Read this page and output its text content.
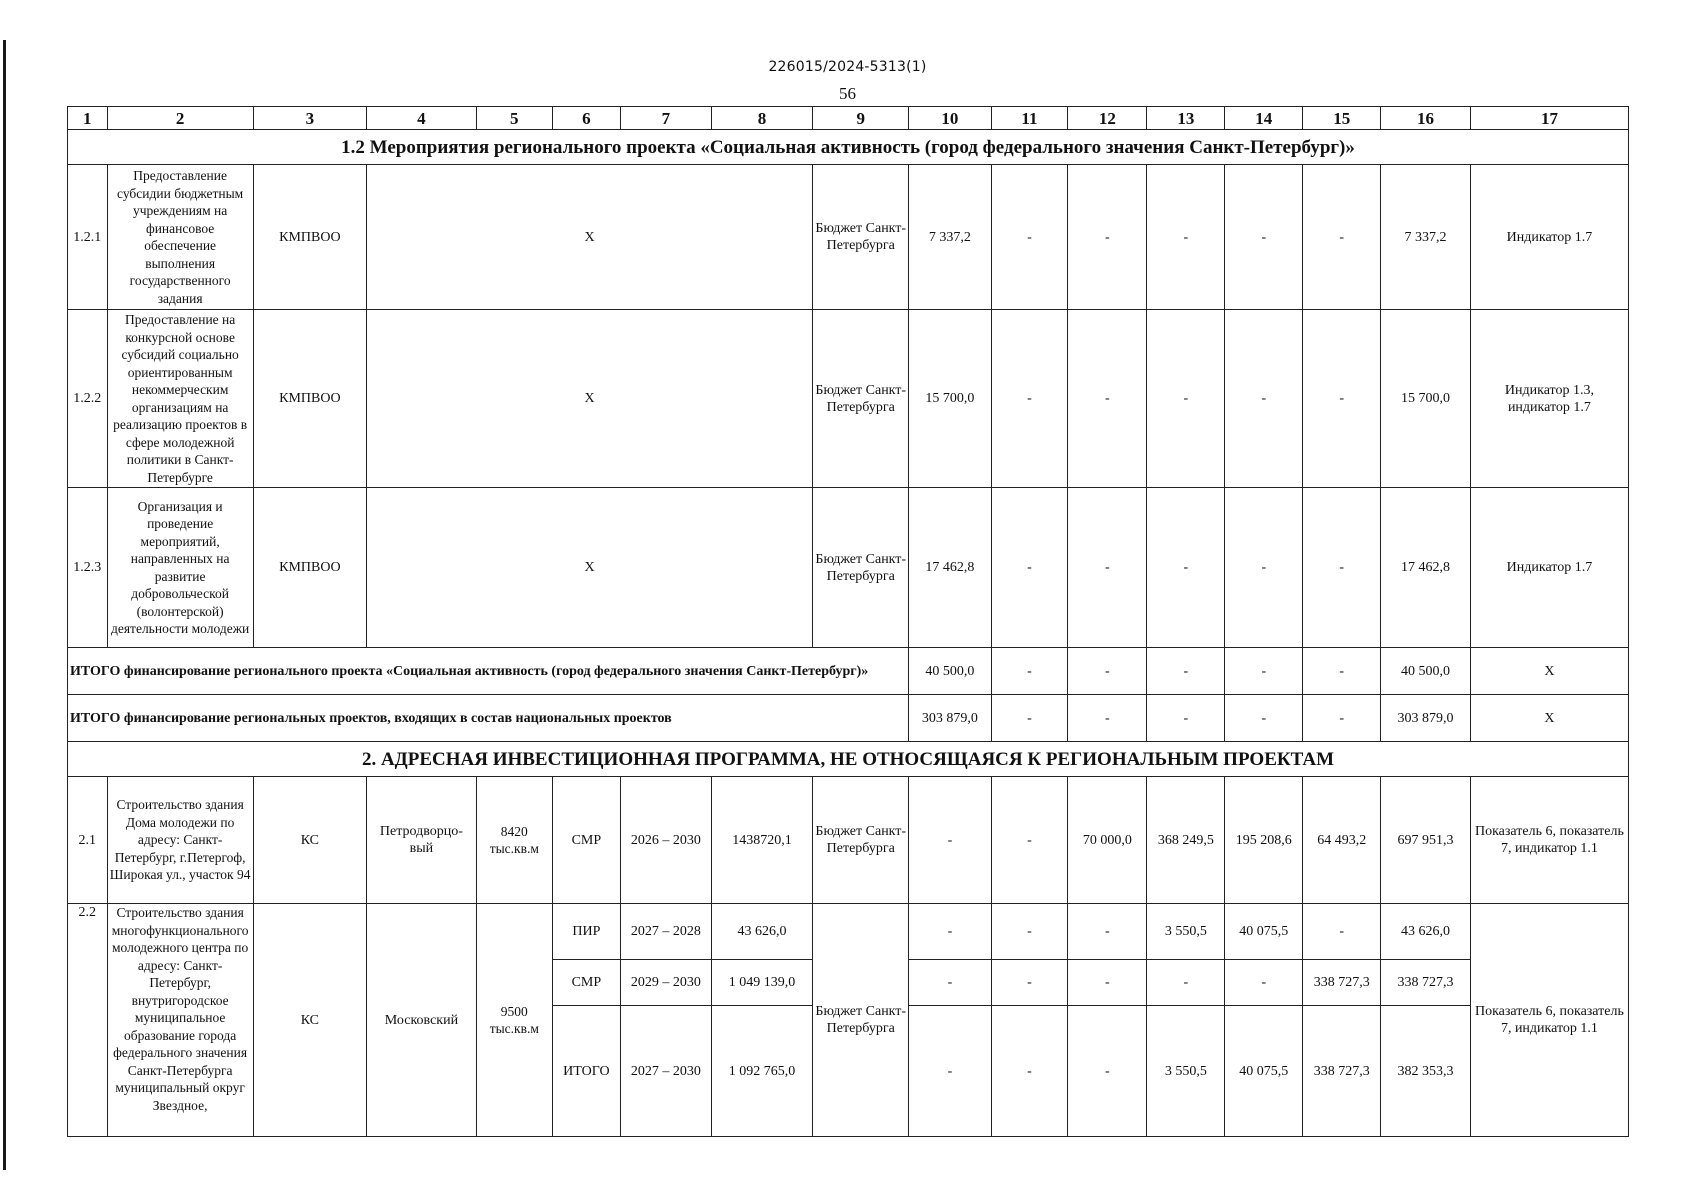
226015/2024-5313(1)
56
1	2	3	4	5	6	7	8	9	10	11	12	13	14	15	16	17
1.2 Мероприятия регионального проекта «Социальная активность (город федерального значения Санкт-Петербург)»																
1.2.1	Предоставление субсидии бюджетным учреждениям на финансовое обеспечение выполнения государственного задания	КМПВОО	Х					Бюджет Санкт-Петербурга	7 337,2	-	-	-	-	-	7 337,2	Индикатор 1.7
1.2.2	Предоставление на конкурсной основе субсидий социально ориентированным некоммерческим организациям на реализацию проектов в сфере молодежной политики в Санкт-Петербурге	КМПВОО	Х					Бюджет Санкт-Петербурга	15 700,0	-	-	-	-	-	15 700,0	Индикатор 1.3, индикатор 1.7
1.2.3	Организация и проведение мероприятий, направленных на развитие добровольческой (волонтерской) деятельности молодежи	КМПВОО	Х					Бюджет Санкт-Петербурга	17 462,8	-	-	-	-	-	17 462,8	Индикатор 1.7
ИТОГО финансирование регионального проекта «Социальная активность (город федерального значения Санкт-Петербург)»									40 500,0	-	-	-	-	-	40 500,0	Х
ИТОГО финансирование региональных проектов, входящих в состав национальных проектов									303 879,0	-	-	-	-	-	303 879,0	Х
2. АДРЕСНАЯ ИНВЕСТИЦИОННАЯ ПРОГРАММА, НЕ ОТНОСЯЩАЯСЯ К РЕГИОНАЛЬНЫМ ПРОЕКТАМ																
2.1	Строительство здания Дома молодежи по адресу: Санкт-Петербург, г.Петергоф, Широкая ул., участок 94	КС	Петродворцо-вый	8420 тыс.кв.м	СМР	2026 – 2030	1438720,1	Бюджет Санкт-Петербурга	-	-	70 000,0	368 249,5	195 208,6	64 493,2	697 951,3	Показатель 6, показатель 7, индикатор 1.1
2.2	Строительство здания многофункционального молодежного центра по адресу: Санкт-Петербург, внутригородское муниципальное образование города федерального значения Санкт-Петербурга муниципальный округ Звездное,	КС	Московский	9500 тыс.кв.м	ПИР	2027 – 2028	43 626,0	Бюджет Санкт-Петербурга	-	-	-	3 550,5	40 075,5	-	43 626,0	Показатель 6, показатель 7, индикатор 1.1
					СМР	2029 – 2030	1 049 139,0		-	-	-	-	-	338 727,3	338 727,3	
					ИТОГО	2027 – 2030	1 092 765,0		-	-	-	3 550,5	40 075,5	338 727,3	382 353,3	
